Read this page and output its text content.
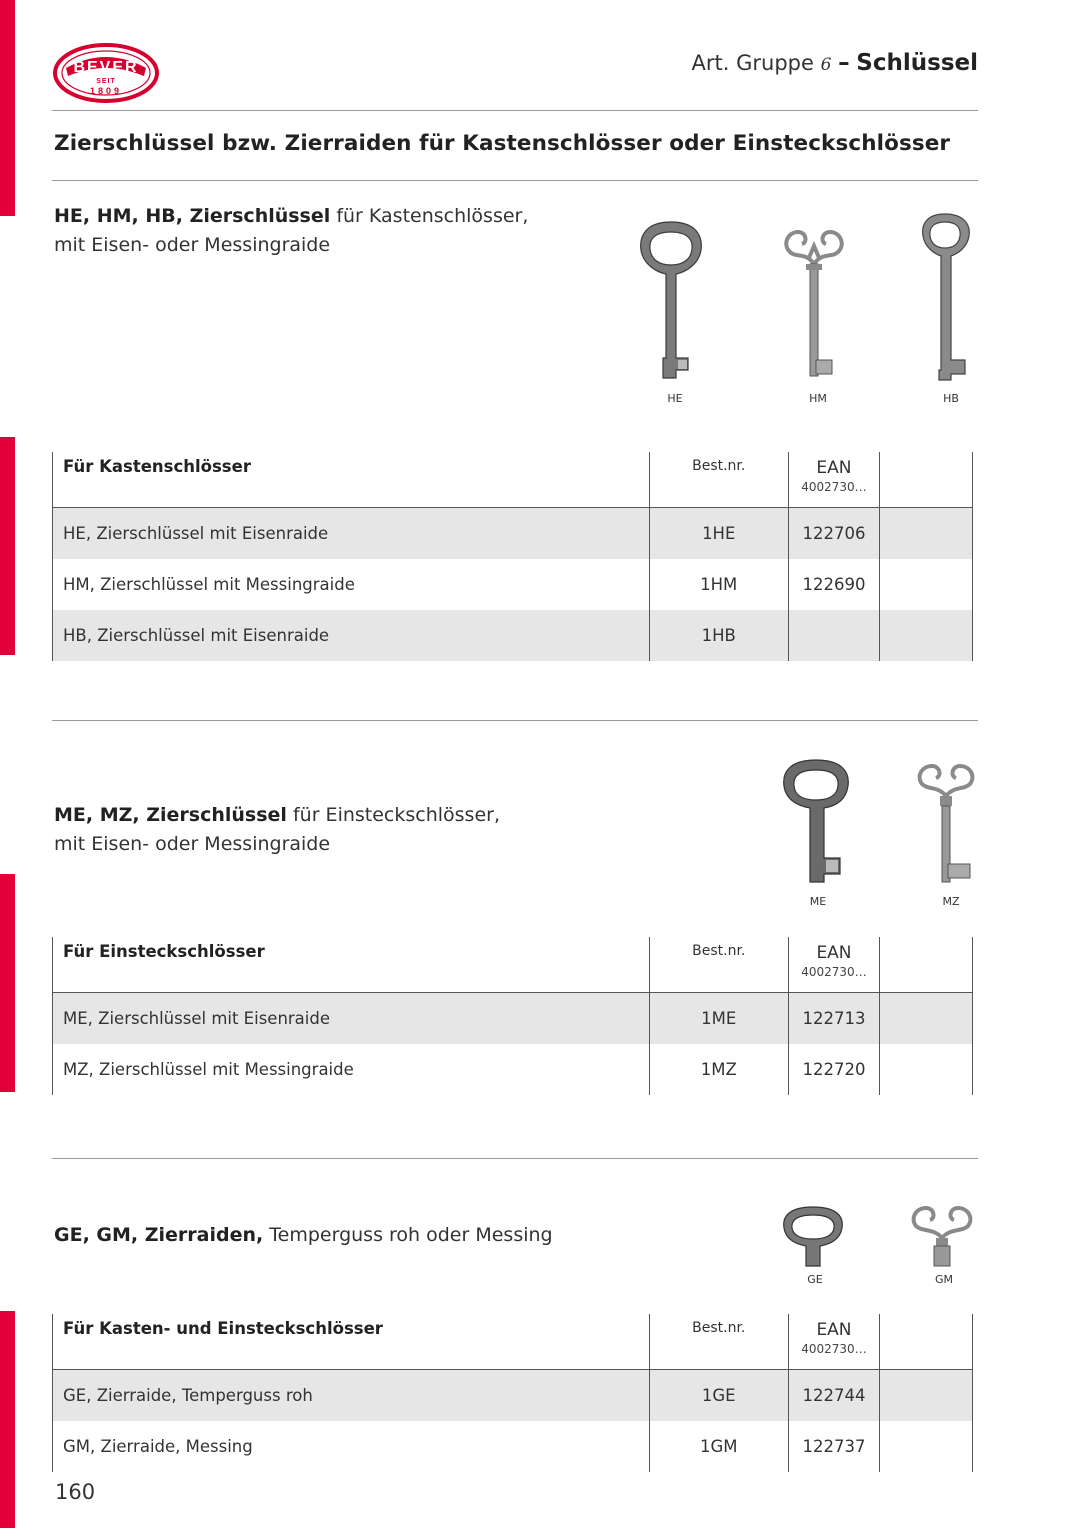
BEVER
SEIT
1809
Art. Gruppe 6 – Schlüssel
Zierschlüssel bzw. Zierraiden für Kastenschlösser oder Einsteckschlösser
HE, HM, HB, Zierschlüssel für Kastenschlösser,
mit Eisen- oder Messingraide
HE	HM	HB
Für Kastenschlösser	Best.nr.	EAN
4002730…	

HE, Zierschlüssel mit Eisenraide	1HE	122706	
HM, Zierschlüssel mit Messingraide	1HM	122690	
HB, Zierschlüssel mit Eisenraide	1HB		
ME, MZ, Zierschlüssel für Einsteckschlösser,
mit Eisen- oder Messingraide
ME	MZ
Für Einsteckschlösser	Best.nr.	EAN
4002730…	

ME, Zierschlüssel mit Eisenraide	1ME	122713	
MZ, Zierschlüssel mit Messingraide	1MZ	122720	
GE, GM, Zierraiden, Temperguss roh oder Messing
GE	GM
Für Kasten- und Einsteckschlösser	Best.nr.	EAN
4002730…	

GE, Zierraide, Temperguss roh	1GE	122744	
GM, Zierraide, Messing	1GM	122737	
160
